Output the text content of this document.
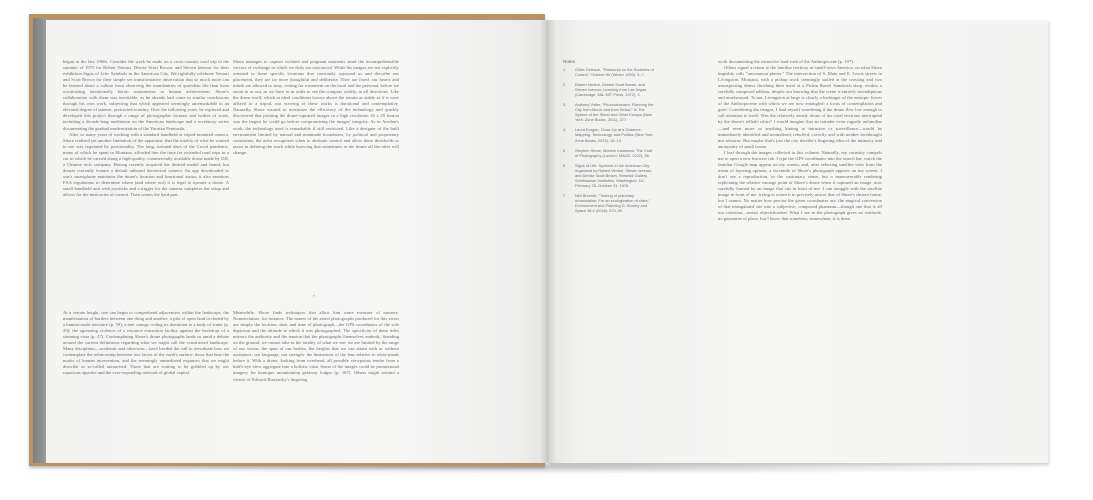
began in the late 1960s. Consider the work he made on a cross-country road trip in the summer of 1975 for Robert Venturi, Denise Scott Brown, and Steven Izenour for their exhibition Signs of Life: Symbols in the American City. We rightfully celebrate Venturi and Scott Brown for their simple yet transformative observation that so much more can be learned about a culture from observing the mundanities of quotidian life than from scrutinizing intentionally heroic monuments to human achievement. Shore's collaboration with them was inevitable, as he already had come to similar conclusions through his own work, subjecting that which appeared seemingly unremarkable to an elevated degree of intense, protracted scrutiny. Over the following years, he explored and developed this project through a range of photographic formats and bodies of work, including a decade-long meditation on the American landscape and a revelatory series documenting the gradual modernization of the Yucatan Peninsula.

After so many years of working with a standard handheld or tripod-mounted camera, Shore realized yet another limitation of the apparatus: that the totality of what he wanted to see was regulated by positionality. The long, isolated days of the Covid pandemic, many of which he spent in Montana, afforded him the time for extended road trips in a car in which he carried along a high-quality, commercially available drone made by DJI, a Chinese tech company. Having recently acquired the desired model and brand, but drones currently feature a default onboard theoretical camera. An app downloaded to one's smartphone maintains the drone's location and functional status; it also monitors FAA regulations to determine where (and where not) it is legal to operate a drone. A small handheld unit with joysticks and a trigger for the camera completes the setup and allows for the intricacies of control. Then comes the hard part.

Shore manages to capture isolated and poignant moments amid the incomprehensible vectors of exchange in which we daily are ensconced. While his images are not explicitly oriented to those specific locations that constantly surround us and describe our placement, they are far more thoughtful and deliberate. They are fixed: our hearts and minds are allowed to stray, resting for a moment on the local and the personal, before we zoom in or out, as we have to in order to see the compass widely, in all directions. Like the drone itself, which at ideal conditions hovers above the terrain as stable as if it were affixed to a tripod, our viewing of these works is durational and contemplative. Naturally, Shore wanted to maximize the efficiency of the technology and quickly discovered that printing the drone-captured images in a high resolution 16 x 20 format was the largest he could go before compromising the images' integrity. As in Avedon's work, the technology used is remarkable if still restricted. Like a designer of the built environment limited by natural and manmade boundaries, by political and proprietary constraints, the artist recognizes when to abdicate control and allow these thresholds to assist in defining the work while knowing that sometimes in the future all the rules will change.

*

At a certain height, one can begin to comprehend adjacencies within the landscape, the manifestation of borders between one thing and another: a plot of open land occluded by a human-made structure (p. 59); a tree canopy ceding its dominion to a body of water (p. 23); the agonizing violence of a resource extraction facility against the backdrop of a stunning vista (p. 47). Contemplating Shore's drone photographs lands us amid a debate around the current definitions regarding what we might call the constructed landscape. Many disciplines—academic and otherwise—have heeded the call to reevaluate how we contemplate the relationship between two facets of the earth's surface: those that bear the marks of human intervention, and the seemingly unmediated expanses that we might describe as so-called untouched. Those that are waiting to be gobbled up by our rapacious appetite and the ever-expanding network of global capital.

Meanwhile, Shore finds techniques that allow him some measure of mastery. Nomenclature, for instance. The names of the aerial photographs produced for this series are simply the location, date, and time of photograph—the GPS coordinates of the sole depiction and the altitude at which it was photographed. The specificity of these titles mirrors the authority and the tension that the photographs themselves embody. Standing on the ground, we cannot take in the totality of what we see: we are limited by the range of our vision, the span of our bodies, the heights that we can attain with or without assistance, our language, our strength: the limitations of the lens relative to what stands before it. With a drone, looking from overhead, all possible viewpoints tender from a bird's-eye view aggregate into a holistic vista. Some of the images could be promotional imagery for boutique mountaintop getaway lodges (p. 167). Others might remind a viewer of Edward Burtynsky's lingering

Notes
1	Gilles Deleuze, "Postscript on the Societies of Control," October 59 (Winter 1992): 3–7.
2	Robert Venturi, Denise Scott Brown, and Steven Izenour, Learning from Las Vegas (Cambridge, MA: MIT Press, 1972), 3.
3	Anthony Vidler, "Photourbanism: Planning the City from Above and from Below," in The Sphere of the Street and Other Essays (New York: Zone Books, 2011), 377.
4	Laura Kurgan, Close Up at a Distance: Mapping, Technology, and Politics (New York: Zone Books, 2013), 15–19.
5	Stephen Shore, Modern Instances: The Craft of Photography (London: MACK, 2022), 36.
6	Signs of Life: Symbols in the American City, organized by Robert Venturi, Steven Izenour, and Denise Scott Brown, Renwick Gallery, Smithsonian Institution, Washington, DC, February 26–October 31, 1976.
7	Neil Brenner, "Tearing of planetary urbanization: For an ecologization of cities," Environment and Planning D: Society and Space 36:4 (2018): 570–90.

work documenting the extractive land-rush of the Anthropocene (p. 107).

Others signal a return to the familiar territory of small-town America, on what Shore impishly calls "uncommon places." The intersection of S. Main and E. Lewis streets in Livingston, Montana, with a pickup truck seemingly stalled at the crossing and two unsuspecting diners finishing their meal at a Pickin Barrel Sandwich shop, evokes a carefully composed tableau, despite our knowing that the scene is entirely serendipitous and unrehearsed. To me, Livingston at large is clearly a harbinger of the entropic forces of the Anthropocene with which we are now entangled: a locus of contemplation and grief. Considering the images, I find myself wondering if the drone flew low enough to call attention to itself. Was the relatively steady drone of the rural environs interrupted by the drone's telltale whirr? I would imagine that an intruder even vaguely unfamiliar—and even more so anything hinting at intrusion or surveillance—would be immediately identified and neutralized, rebuffed, covertly and with neither forethought nor remorse. But maybe that's just the city dweller's lingering idea of the intimacy and anonymity of small towns.

I leaf through the images collected in this volume. Naturally, my curiosity compels me to open a new browser tab. I type the GPS coordinates into the search bar, watch the familiar Google map appear on my screen, and, after selecting satellite view from the menu of layering options, a facsimile of Shore's photograph appears on my screen. I don't see a reproduction, in the customary sense, but a maneuverable rendering replicating the relative vantage point of Shore's drone when it captured an image, now carefully framed by an image that sits in front of me. I can struggle with the satellite image in front of me, trying to orient it to precisely mirror that of Shore's chosen frame, but I cannot. No matter how precise the given coordinates are, the magical conversion of that triangulated site into a subjective, composed phantasm—though one that is all too cartesian—resists objectification. What I see in the photograph gives no certitude, no guarantee of place, but I know that somehow, somewhere, it is there.
